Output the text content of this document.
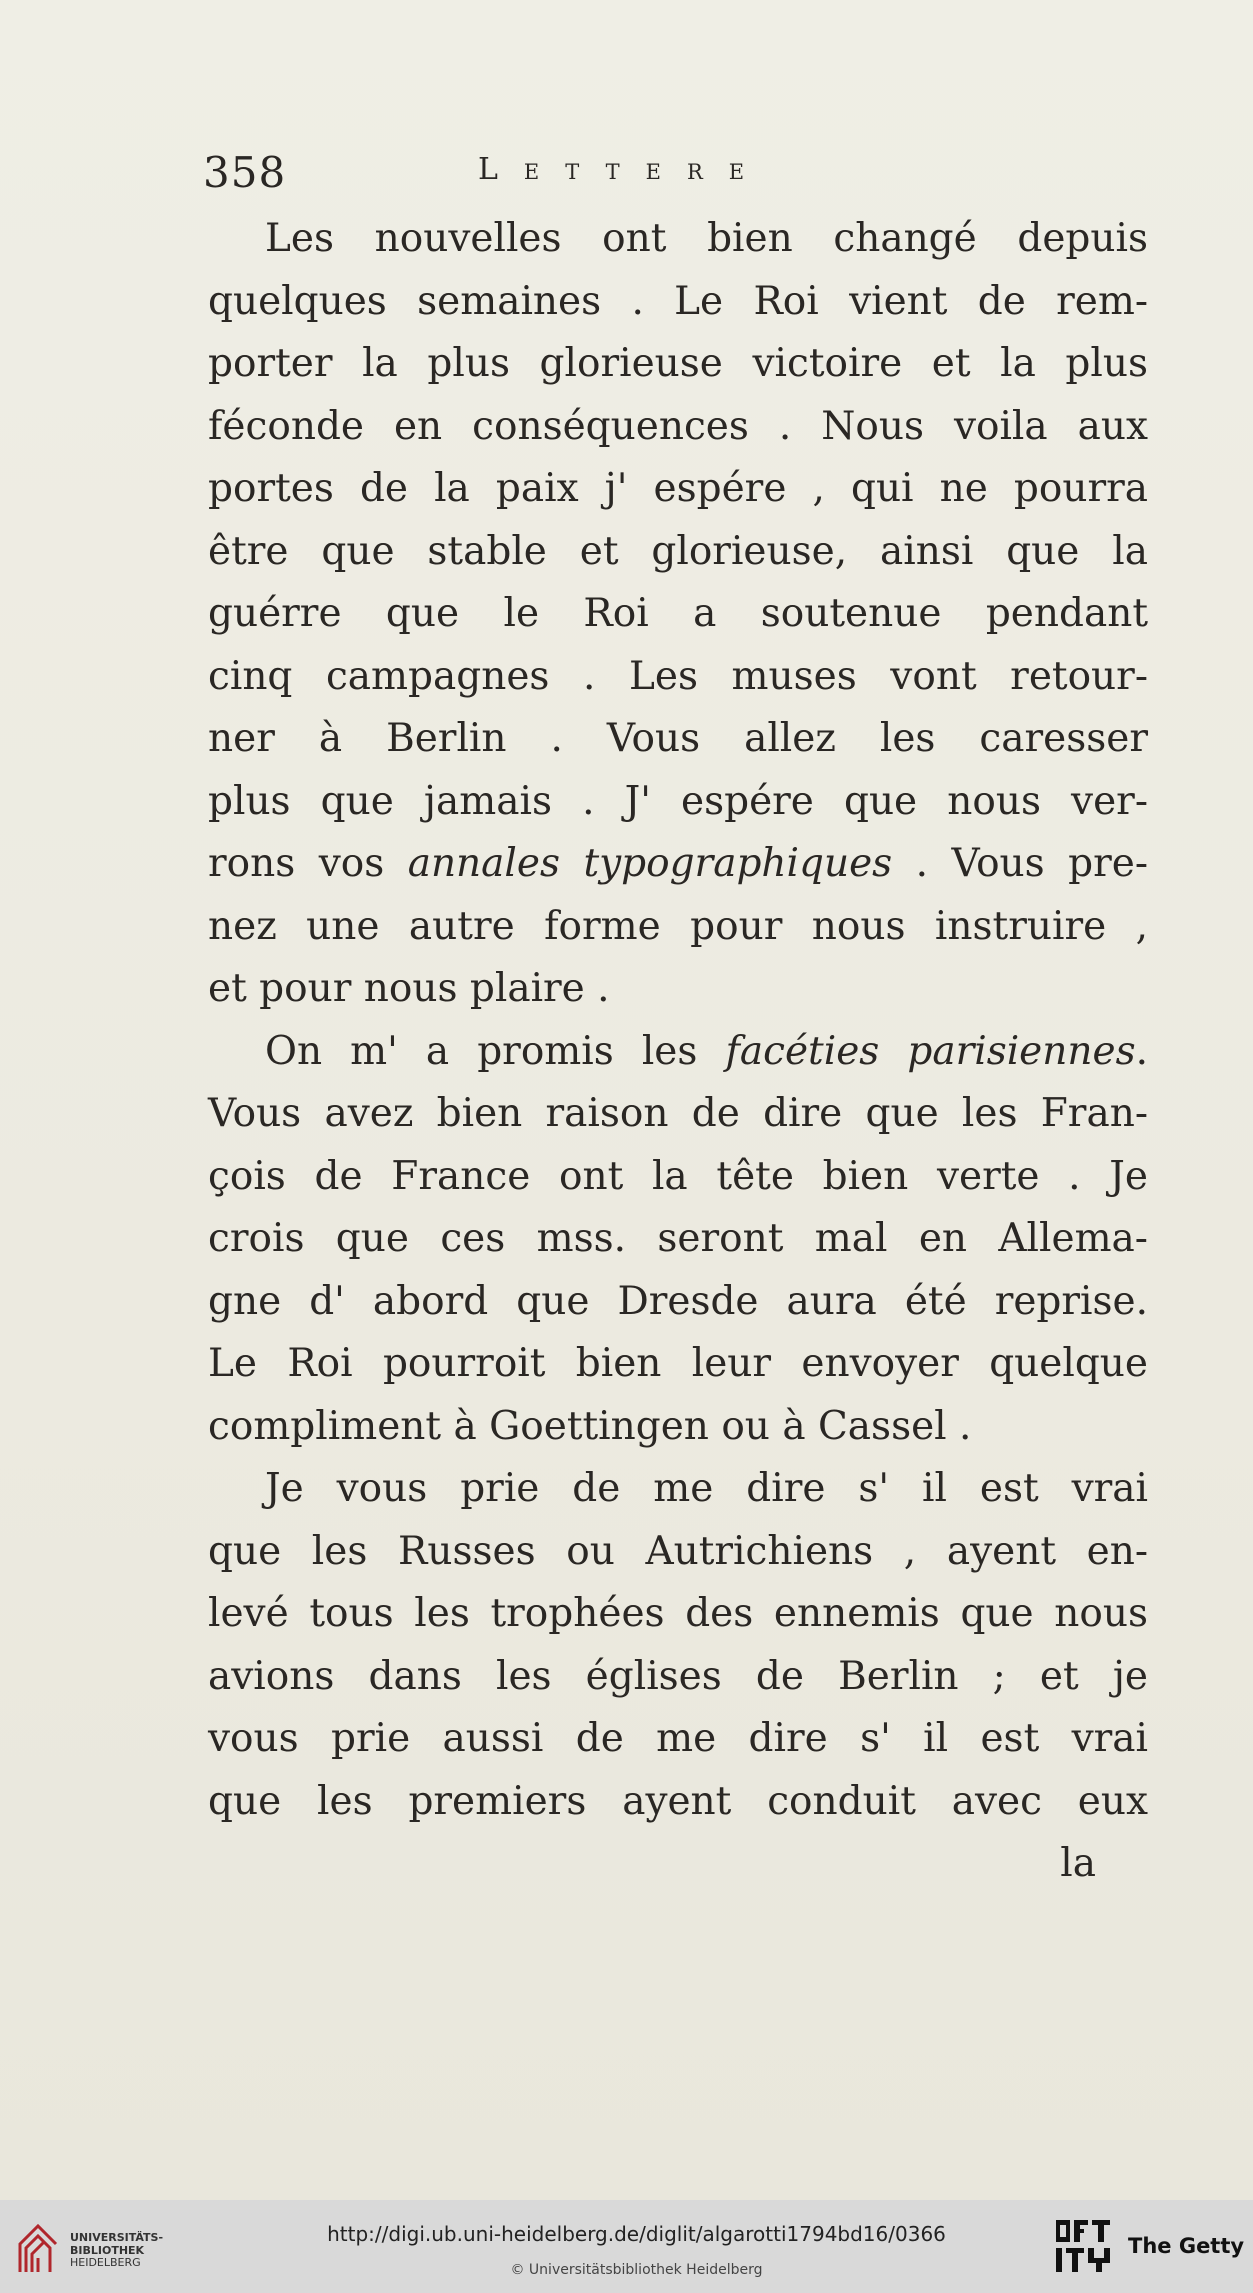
358	Lettere
Les nouvelles ont bien changé depuis
quelques semaines . Le Roi vient de rem-
porter la plus glorieuse victoire et la plus
féconde en conséquences . Nous voila aux
portes de la paix j' espére , qui ne pourra
être que stable et glorieuse, ainsi que la
guérre que le Roi a soutenue pendant
cinq campagnes . Les muses vont retour-
ner à Berlin . Vous allez les caresser
plus que jamais . J' espére que nous ver-
rons vos annales typographiques . Vous pre-
nez une autre forme pour nous instruire ,
et pour nous plaire .
On m' a promis les facéties parisiennes.
Vous avez bien raison de dire que les Fran-
çois de France ont la tête bien verte . Je
crois que ces mss. seront mal en Allema-
gne d' abord que Dresde aura été reprise.
Le Roi pourroit bien leur envoyer quelque
compliment à Goettingen ou à Cassel .
Je vous prie de me dire s' il est vrai
que les Russes ou Autrichiens , ayent en-
levé tous les trophées des ennemis que nous
avions dans les églises de Berlin ; et je
vous prie aussi de me dire s' il est vrai
que les premiers ayent conduit avec eux
la
UNIVERSITÄTS-
BIBLIOTHEK
HEIDELBERG
http://digi.ub.uni-heidelberg.de/diglit/algarotti1794bd16/0366
© Universitätsbibliothek Heidelberg
The Getty
